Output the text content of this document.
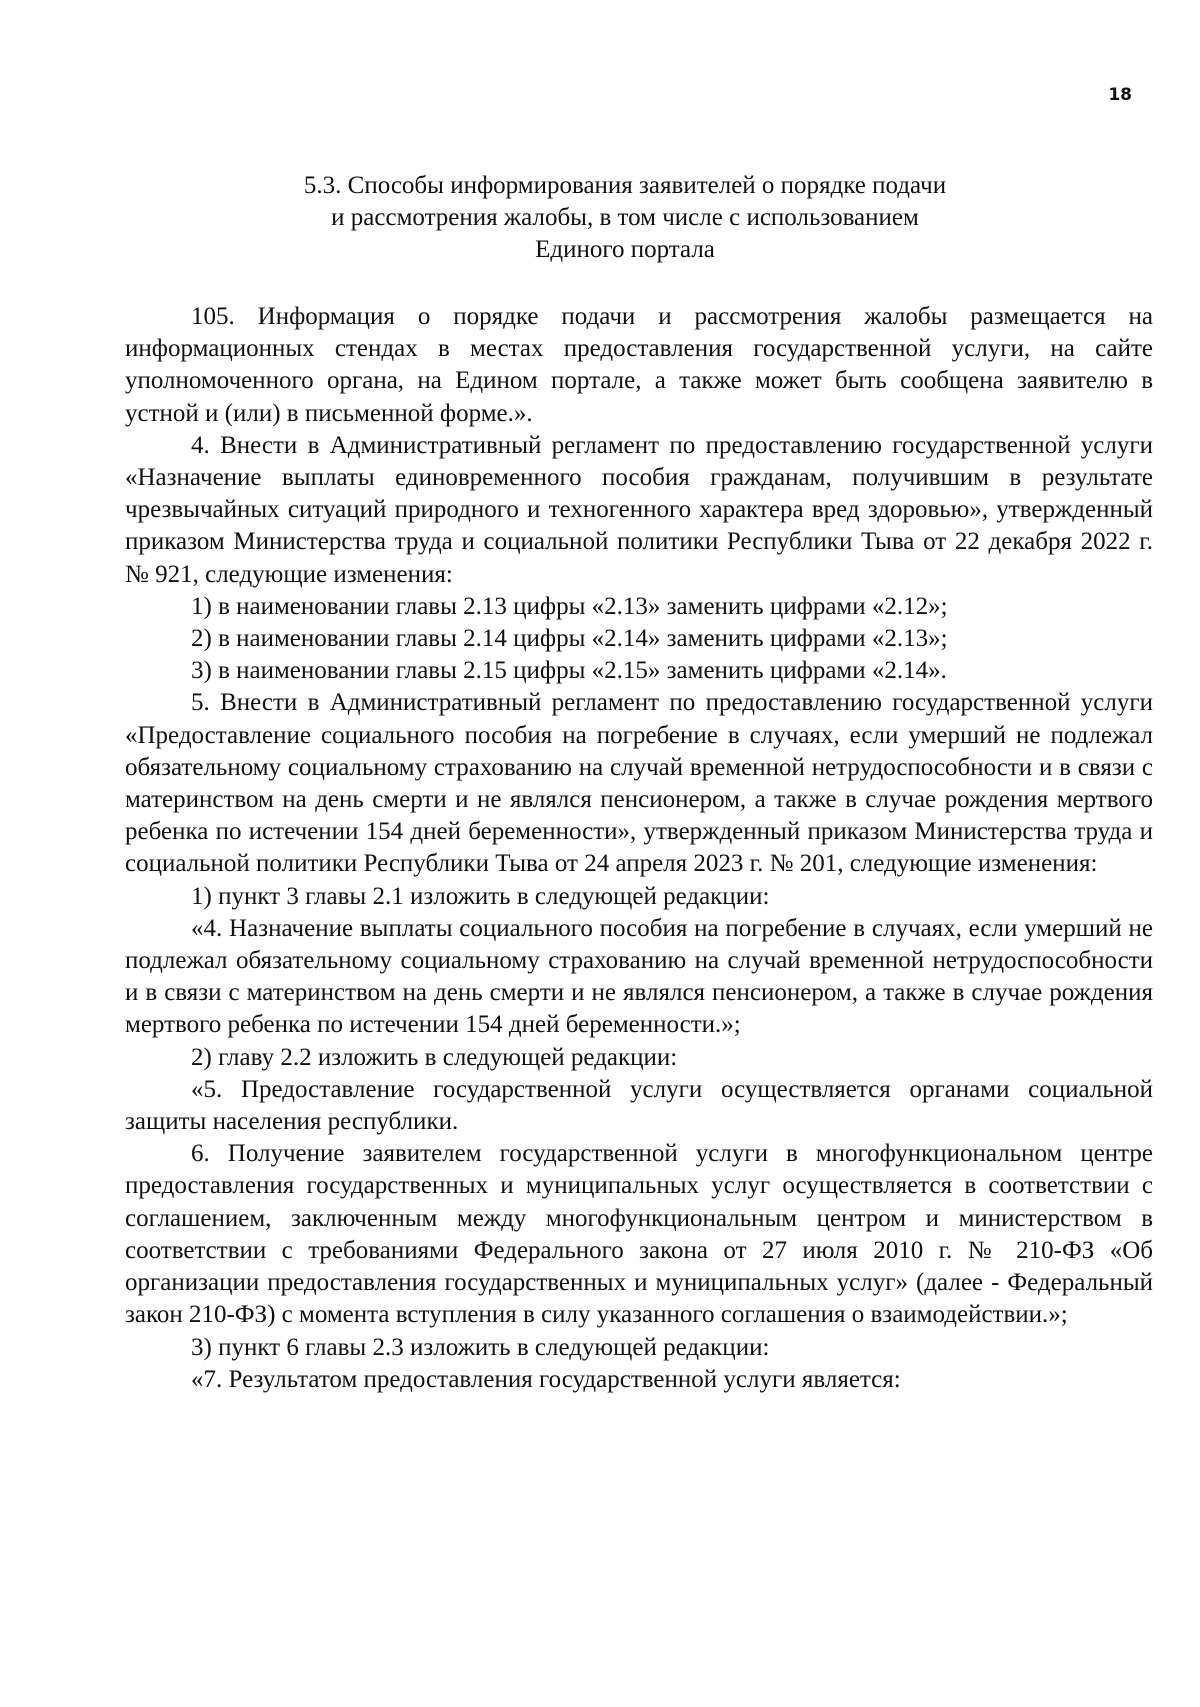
18
5.3. Способы информирования заявителей о порядке подачи
и рассмотрения жалобы, в том числе с использованием
Единого портала

105. Информация о порядке подачи и рассмотрения жалобы размещается на информационных стендах в местах предоставления государственной услуги, на сайте уполномоченного органа, на Едином портале, а также может быть сообщена заявителю в устной и (или) в письменной форме.».

4. Внести в Административный регламент по предоставлению государственной услуги «Назначение выплаты единовременного пособия гражданам, получившим в результате чрезвычайных ситуаций природного и техногенного характера вред здоровью», утвержденный приказом Министерства труда и социальной политики Республики Тыва от 22 декабря 2022 г. № 921, следующие изменения:

1) в наименовании главы 2.13 цифры «2.13» заменить цифрами «2.12»;

2) в наименовании главы 2.14 цифры «2.14» заменить цифрами «2.13»;

3) в наименовании главы 2.15 цифры «2.15» заменить цифрами «2.14».

5. Внести в Административный регламент по предоставлению государственной услуги «Предоставление социального пособия на погребение в случаях, если умерший не подлежал обязательному социальному страхованию на случай временной нетрудоспособности и в связи с материнством на день смерти и не являлся пенсионером, а также в случае рождения мертвого ребенка по истечении 154 дней беременности», утвержденный приказом Министерства труда и социальной политики Республики Тыва от 24 апреля 2023 г. № 201, следующие изменения:

1) пункт 3 главы 2.1 изложить в следующей редакции:

«4. Назначение выплаты социального пособия на погребение в случаях, если умерший не подлежал обязательному социальному страхованию на случай временной нетрудоспособности и в связи с материнством на день смерти и не являлся пенсионером, а также в случае рождения мертвого ребенка по истечении 154 дней беременности.»;

2) главу 2.2 изложить в следующей редакции:

«5. Предоставление государственной услуги осуществляется органами социальной защиты населения республики.

6. Получение заявителем государственной услуги в многофункциональном центре предоставления государственных и муниципальных услуг осуществляется в соответствии с соглашением, заключенным между многофункциональным центром и министерством в соответствии с требованиями Федерального закона от 27 июля 2010 г. № 210-ФЗ «Об организации предоставления государственных и муниципальных услуг» (далее - Федеральный закон 210-ФЗ) с момента вступления в силу указанного соглашения о взаимодействии.»;

3) пункт 6 главы 2.3 изложить в следующей редакции:

«7. Результатом предоставления государственной услуги является:
